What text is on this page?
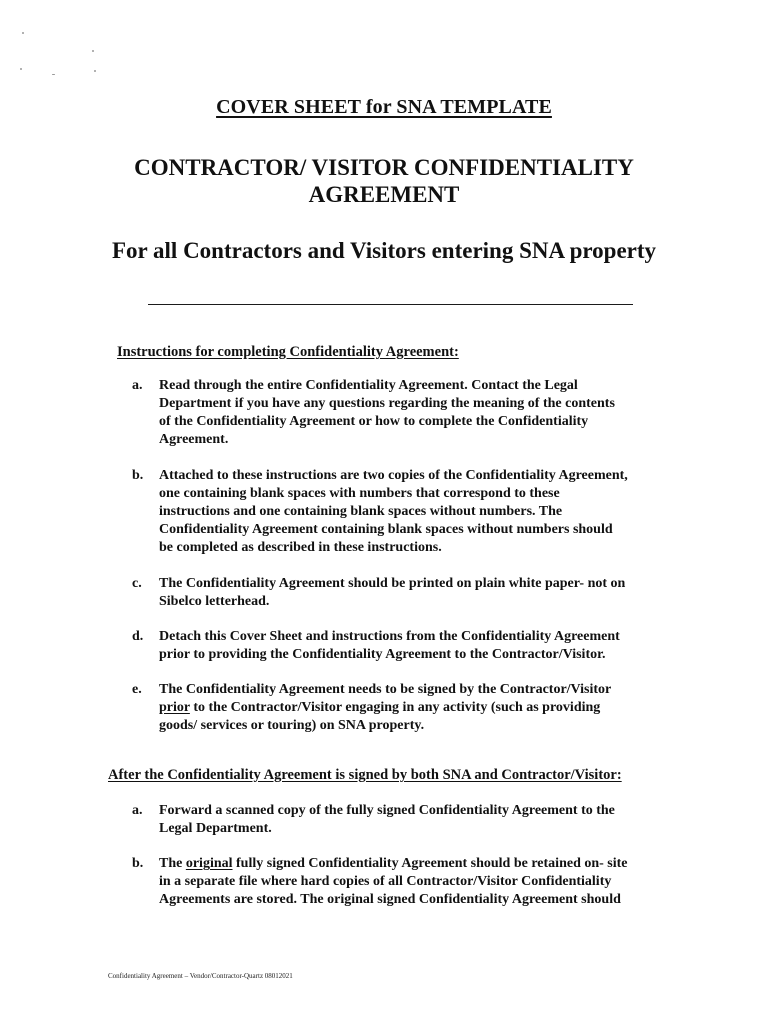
COVER SHEET for SNA TEMPLATE
CONTRACTOR/ VISITOR CONFIDENTIALITY
AGREEMENT
For all Contractors and Visitors entering SNA property
Instructions for completing Confidentiality Agreement:
a. Read through the entire Confidentiality Agreement. Contact the Legal
Department if you have any questions regarding the meaning of the contents
of the Confidentiality Agreement or how to complete the Confidentiality
Agreement.
b. Attached to these instructions are two copies of the Confidentiality Agreement,
one containing blank spaces with numbers that correspond to these
instructions and one containing blank spaces without numbers. The
Confidentiality Agreement containing blank spaces without numbers should
be completed as described in these instructions.
c. The Confidentiality Agreement should be printed on plain white paper- not on
Sibelco letterhead.
d. Detach this Cover Sheet and instructions from the Confidentiality Agreement
prior to providing the Confidentiality Agreement to the Contractor/Visitor.
e. The Confidentiality Agreement needs to be signed by the Contractor/Visitor
prior to the Contractor/Visitor engaging in any activity (such as providing
goods/ services or touring) on SNA property.
After the Confidentiality Agreement is signed by both SNA and Contractor/Visitor:
a. Forward a scanned copy of the fully signed Confidentiality Agreement to the
Legal Department.
b. The original fully signed Confidentiality Agreement should be retained on- site
in a separate file where hard copies of all Contractor/Visitor Confidentiality
Agreements are stored. The original signed Confidentiality Agreement should
Confidentiality Agreement – Vendor/Contractor-Quartz 08012021
